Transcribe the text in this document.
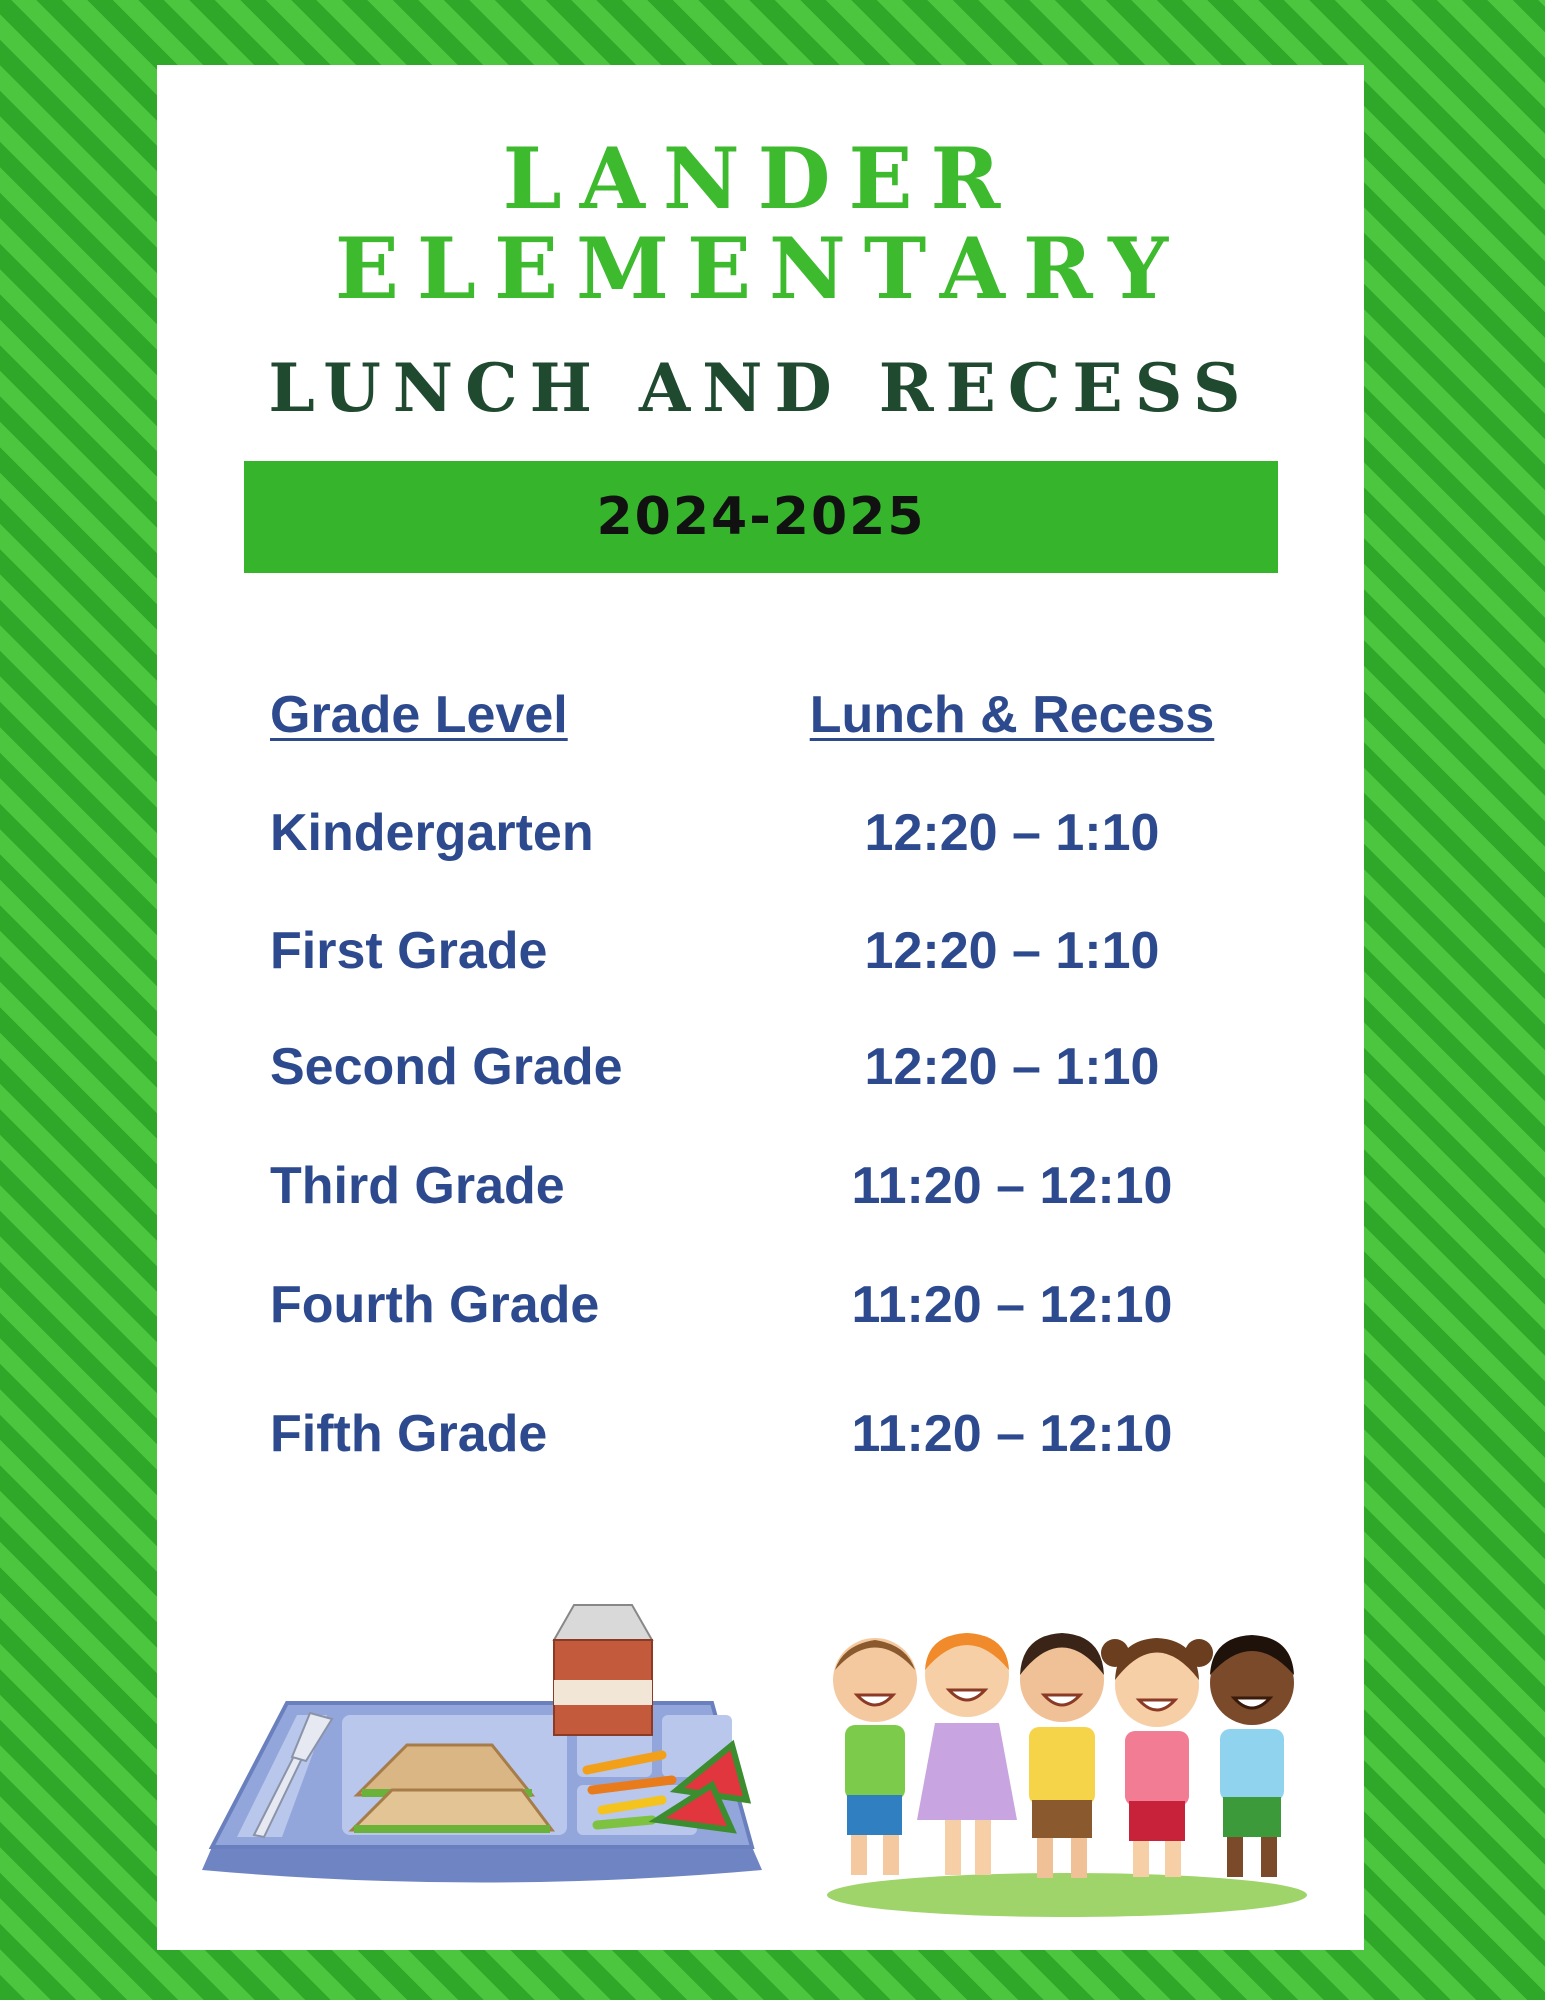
LANDER
ELEMENTARY
LUNCH AND RECESS
2024-2025
Grade Level	Lunch & Recess
Kindergarten	12:20 – 1:10
First Grade	12:20 – 1:10
Second Grade	12:20 – 1:10
Third Grade	11:20 – 12:10
Fourth Grade	11:20 – 12:10
Fifth Grade	11:20 – 12:10
